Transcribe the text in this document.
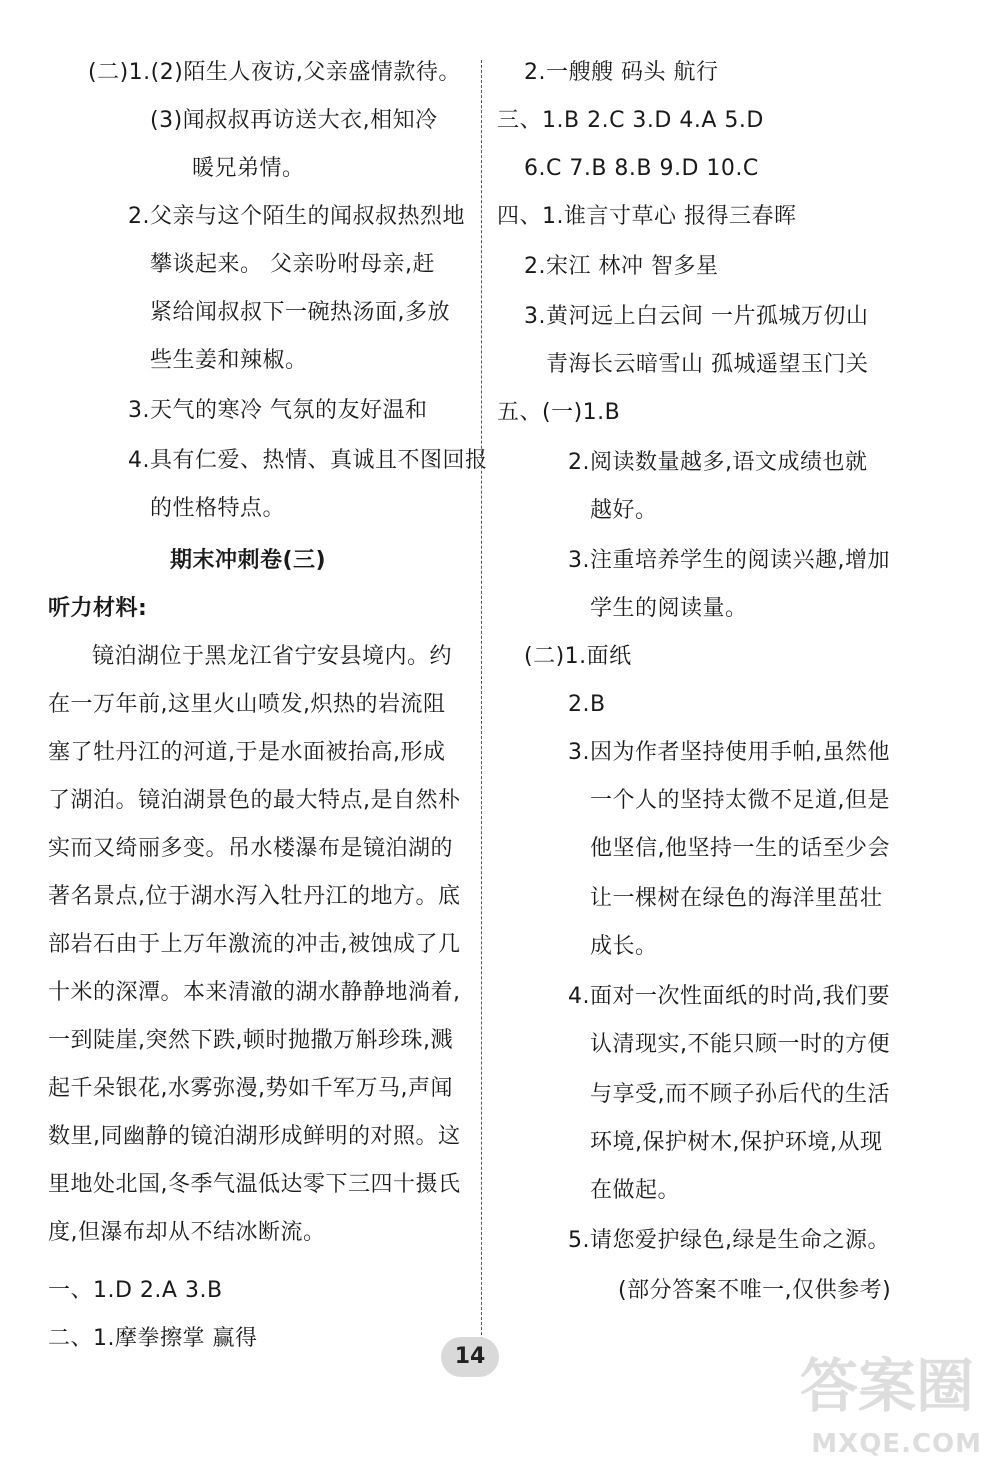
(二)1.(2)陌生人夜访,父亲盛情款待。
(3)闻叔叔再访送大衣,相知冷
暖兄弟情。
2.父亲与这个陌生的闻叔叔热烈地
攀谈起来。 父亲吩咐母亲,赶
紧给闻叔叔下一碗热汤面,多放
些生姜和辣椒。
3.天气的寒冷 气氛的友好温和
4.具有仁爱、热情、真诚且不图回报
的性格特点。
期末冲刺卷(三)
听力材料:
镜泊湖位于黑龙江省宁安县境内。约
在一万年前,这里火山喷发,炽热的岩流阻
塞了牡丹江的河道,于是水面被抬高,形成
了湖泊。镜泊湖景色的最大特点,是自然朴
实而又绮丽多变。吊水楼瀑布是镜泊湖的
著名景点,位于湖水泻入牡丹江的地方。底
部岩石由于上万年激流的冲击,被蚀成了几
十米的深潭。本来清澈的湖水静静地淌着,
一到陡崖,突然下跌,顿时抛撒万斛珍珠,溅
起千朵银花,水雾弥漫,势如千军万马,声闻
数里,同幽静的镜泊湖形成鲜明的对照。这
里地处北国,冬季气温低达零下三四十摄氏
度,但瀑布却从不结冰断流。
一、1.D 2.A 3.B
二、1.摩拳擦掌 赢得
2.一艘艘 码头 航行
三、1.B 2.C 3.D 4.A 5.D
6.C 7.B 8.B 9.D 10.C
四、1.谁言寸草心 报得三春晖
2.宋江 林冲 智多星
3.黄河远上白云间 一片孤城万仞山
青海长云暗雪山 孤城遥望玉门关
五、(一)1.B
2.阅读数量越多,语文成绩也就
越好。
3.注重培养学生的阅读兴趣,增加
学生的阅读量。
(二)1.面纸
2.B
3.因为作者坚持使用手帕,虽然他
一个人的坚持太微不足道,但是
他坚信,他坚持一生的话至少会
让一棵树在绿色的海洋里茁壮
成长。
4.面对一次性面纸的时尚,我们要
认清现实,不能只顾一时的方便
与享受,而不顾子孙后代的生活
环境,保护树木,保护环境,从现
在做起。
5.请您爱护绿色,绿是生命之源。
(部分答案不唯一,仅供参考)
14	答案圈
MXQE.COM
